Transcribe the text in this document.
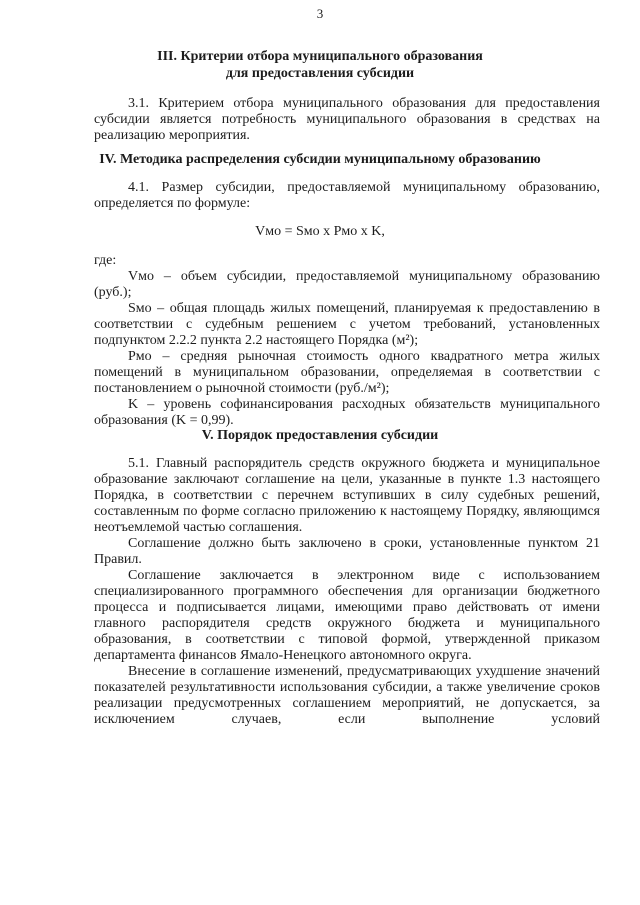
3
III. Критерии отбора муниципального образования
для предоставления субсидии

3.1. Критерием отбора муниципального образования для предоставления субсидии является потребность муниципального образования в средствах на реализацию мероприятия.

IV. Методика распределения субсидии муниципальному образованию

4.1. Размер субсидии, предоставляемой муниципальному образованию, определяется по формуле:

Vмо = Sмо x Pмо x K,

где:

Vмо – объем субсидии, предоставляемой муниципальному образованию (руб.);

Sмо – общая площадь жилых помещений, планируемая к предоставлению в соответствии с судебным решением с учетом требований, установленных подпунктом 2.2.2 пункта 2.2 настоящего Порядка (м²);

Pмо – средняя рыночная стоимость одного квадратного метра жилых помещений в муниципальном образовании, определяемая в соответствии с постановлением о рыночной стоимости (руб./м²);

K – уровень софинансирования расходных обязательств муниципального образования (K = 0,99).

V. Порядок предоставления субсидии

5.1. Главный распорядитель средств окружного бюджета и муниципальное образование заключают соглашение на цели, указанные в пункте 1.3 настоящего Порядка, в соответствии с перечнем вступивших в силу судебных решений, составленным по форме согласно приложению к настоящему Порядку, являющимся неотъемлемой частью соглашения.

Соглашение должно быть заключено в сроки, установленные пунктом 21 Правил.

Соглашение заключается в электронном виде с использованием специализированного программного обеспечения для организации бюджетного процесса и подписывается лицами, имеющими право действовать от имени главного распорядителя средств окружного бюджета и муниципального образования, в соответствии с типовой формой, утвержденной приказом департамента финансов Ямало-Ненецкого автономного округа.

Внесение в соглашение изменений, предусматривающих ухудшение значений показателей результативности использования субсидии, а также увеличение сроков реализации предусмотренных соглашением мероприятий, не допускается, за исключением случаев, если выполнение условий
